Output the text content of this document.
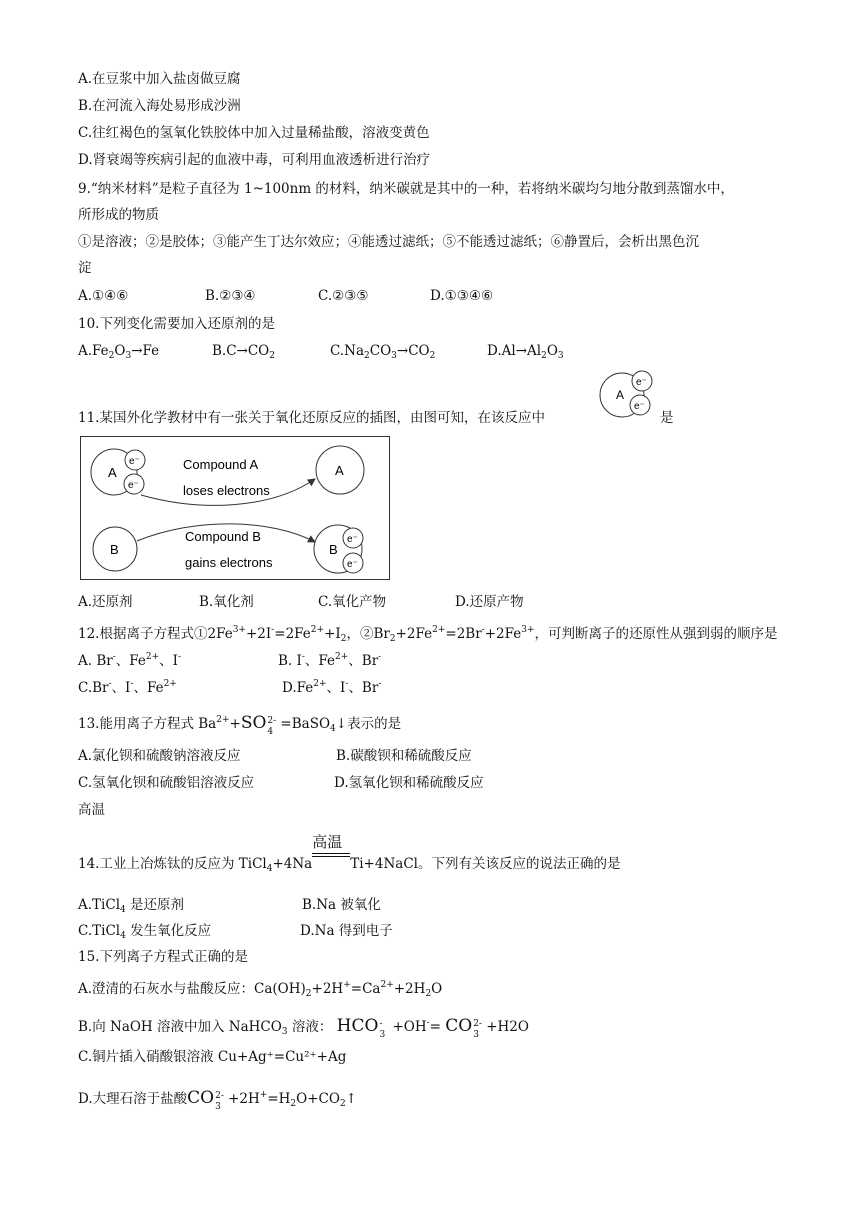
A.在豆浆中加入盐卤做豆腐
B.在河流入海处易形成沙洲
C.往红褐色的氢氧化铁胶体中加入过量稀盐酸，溶液变黄色
D.肾衰竭等疾病引起的血液中毒，可利用血液透析进行治疗
9.“纳米材料”是粒子直径为 1~100nm 的材料，纳米碳就是其中的一种，若将纳米碳均匀地分散到蒸馏水中，
所形成的物质
①是溶液；②是胶体；③能产生丁达尔效应；④能透过滤纸；⑤不能透过滤纸；⑥静置后，会析出黑色沉
淀
A.①④⑥	B.②③④	C.②③⑤	D.①③④⑥
10.下列变化需要加入还原剂的是
$A.Fe_2O_3\to Fe$	$B.C\to CO_2$	$C.Na_2CO_3\to CO_2$	$D.Al\to Al_2O_3$
11.某国外化学教材中有一张关于氧化还原反应的插图，由图可知，在该反应中
A
e⁻
e⁻
是
A
e⁻
e⁻
A
B	B
e⁻
e⁻
Compound A
loses electrons
Compound B
gains electrons
A.还原剂	B.氧化剂	C.氧化产物	D.还原产物
12.根据离子方程式$①2Fe^{3+}+2I^-=2Fe^{2+}+I_2$，$②Br_2+2Fe^{2+}=2Br^-+2Fe^{3+}$，可判断离子的还原性从强到弱的顺序是
A. Br-、$Fe^{2+}$、I-	B. I-、$Fe^{2+}$、Br-
C.Br-、I-、$Fe^{2+}$	$D.Fe^{2+}$、I-、Br-
13.能用离子方程式 $Ba^{2+}+SO$ 2-
4 =BaSO$_4$↓表示的是
A.氯化钡和硫酸钠溶液反应	B.碳酸钡和稀硫酸反应
C.氢氧化钡和硫酸铝溶液反应	D.氢氧化钡和稀硫酸反应
高温
14.工业上冶炼钛的反应为 TiCl$_4$+4Na
高温
Ti+4NaCl。下列有关该反应的说法正确的是
A.TiCl$_4$ 是还原剂	B.Na 被氧化
C.TiCl$_4$ 发生氧化反应	D.Na 得到电子
15.下列离子方程式正确的是
A.澄清的石灰水与盐酸反应：$Ca(OH)_2+2H^+=Ca^{2+}+2H_2O$
B.向 NaOH 溶液中加入 NaHCO$_3$ 溶液： HCO -
3 +OH-= CO 2-
3 +H2O
C.铜片插入硝酸银溶液 Cu+Ag⁺=Cu²⁺+Ag
D.大理石溶于盐酸CO 2-
$3 +2H^+=H_2O+CO_2↑$
